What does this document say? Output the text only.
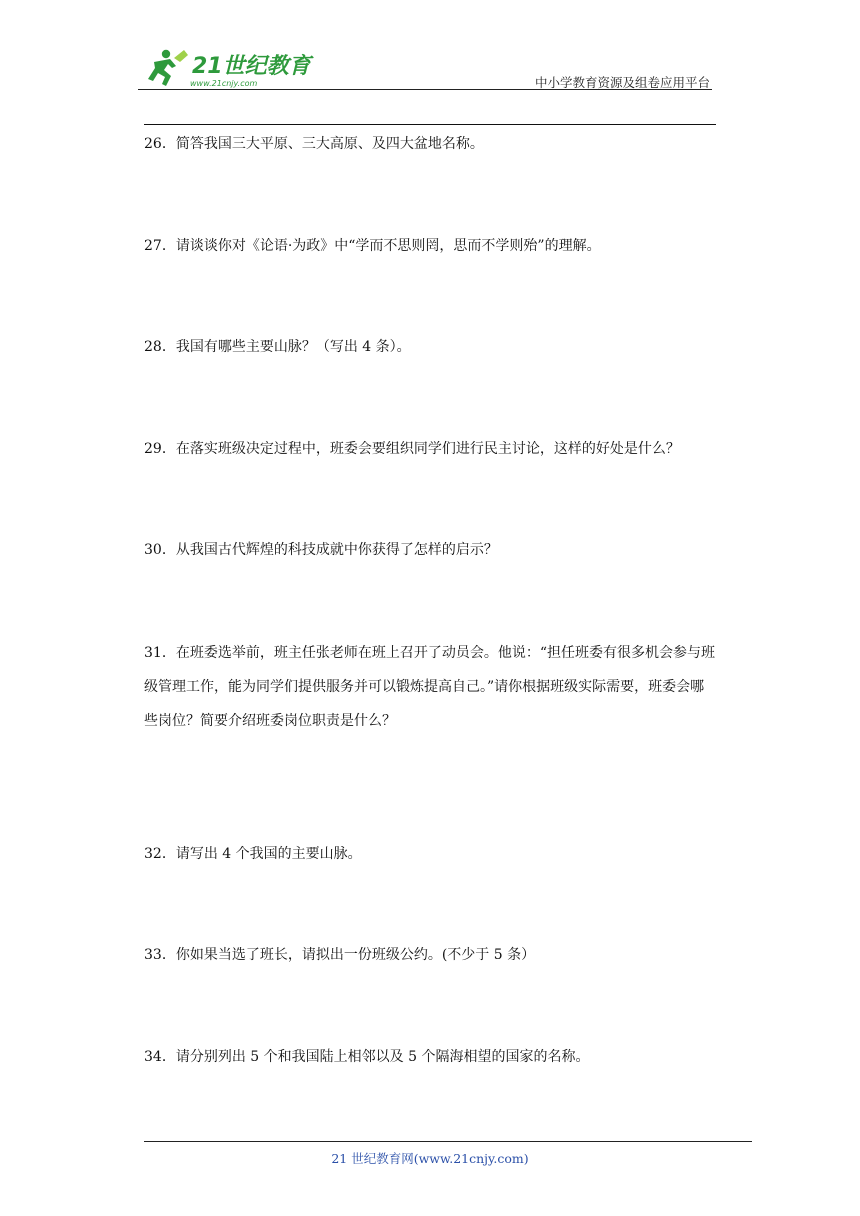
21世纪教育
www.21cnjy.com	中小学教育资源及组卷应用平台
26．简答我国三大平原、三大高原、及四大盆地名称。
27．请谈谈你对《论语·为政》中“学而不思则罔，思而不学则殆”的理解。
28．我国有哪些主要山脉？（写出 4 条）。
29．在落实班级决定过程中，班委会要组织同学们进行民主讨论，这样的好处是什么？
30．从我国古代辉煌的科技成就中你获得了怎样的启示？
31．在班委选举前，班主任张老师在班上召开了动员会。他说：“担任班委有很多机会参与班级管理工作，能为同学们提供服务并可以锻炼提高自己。”请你根据班级实际需要，班委会哪些岗位？简要介绍班委岗位职责是什么？
32．请写出 4 个我国的主要山脉。
33．你如果当选了班长，请拟出一份班级公约。(不少于 5 条）
34．请分别列出 5 个和我国陆上相邻以及 5 个隔海相望的国家的名称。
21 世纪教育网(www.21cnjy.com)
